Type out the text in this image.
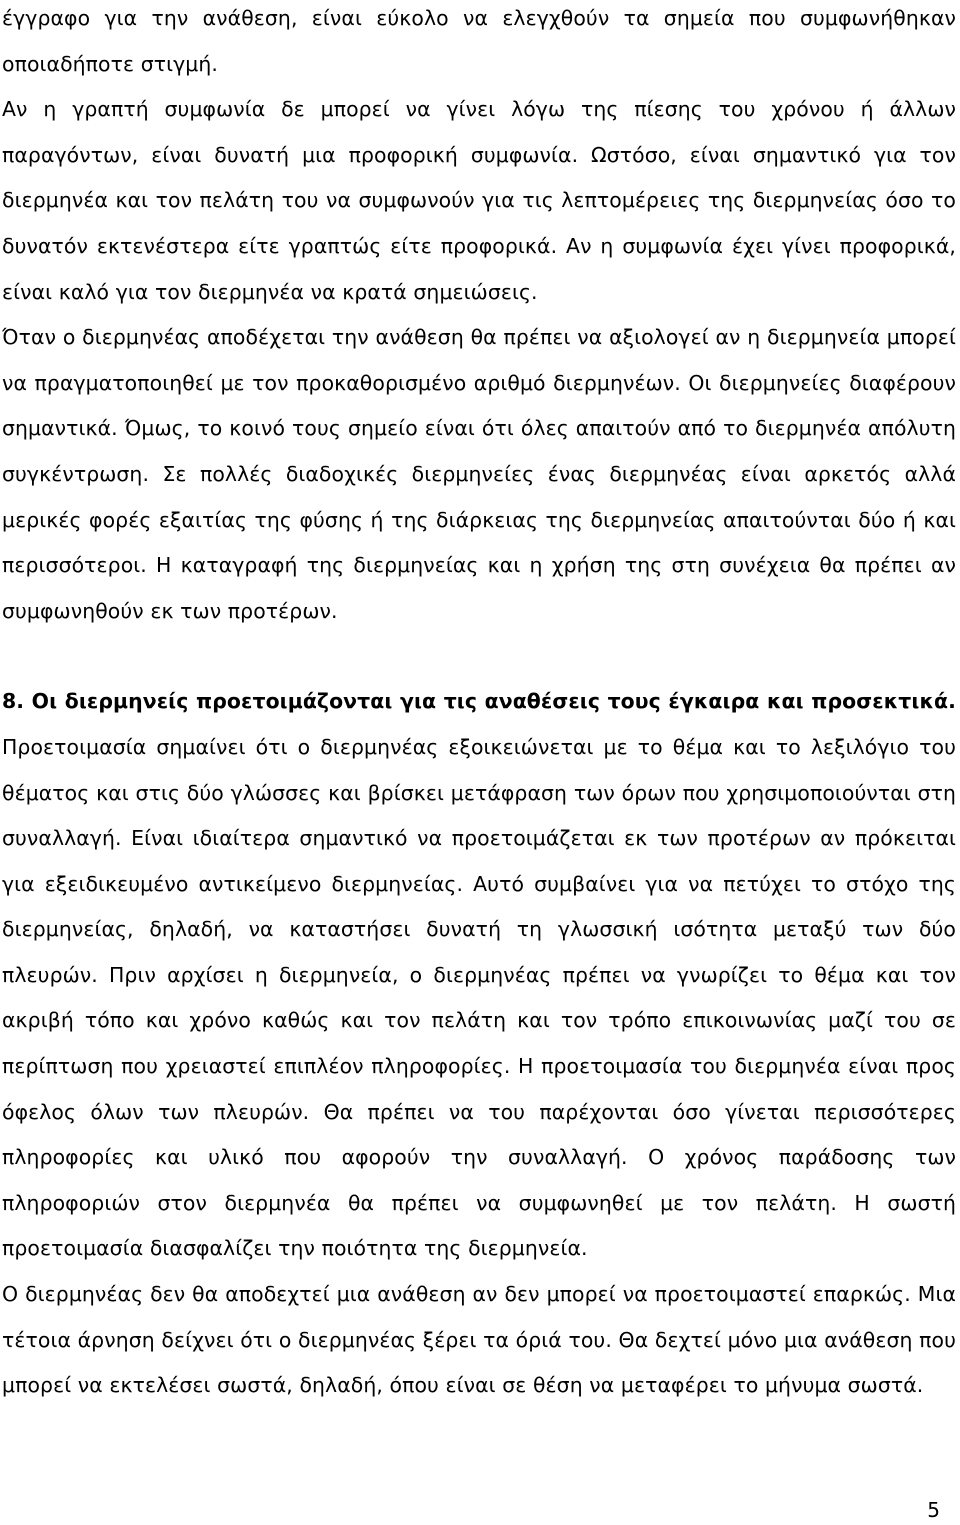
έγγραφο για την ανάθεση, είναι εύκολο να ελεγχθούν τα σημεία που συμφωνήθηκαν οποιαδήποτε στιγμή.

Αν η γραπτή συμφωνία δε μπορεί να γίνει λόγω της πίεσης του χρόνου ή άλλων παραγόντων, είναι δυνατή μια προφορική συμφωνία. Ωστόσο, είναι σημαντικό για τον διερμηνέα και τον πελάτη του να συμφωνούν για τις λεπτομέρειες της διερμηνείας όσο το δυνατόν εκτενέστερα είτε γραπτώς είτε προφορικά. Αν η συμφωνία έχει γίνει προφορικά, είναι καλό για τον διερμηνέα να κρατά σημειώσεις.

Όταν ο διερμηνέας αποδέχεται την ανάθεση θα πρέπει να αξιολογεί αν η διερμηνεία μπορεί να πραγματοποιηθεί με τον προκαθορισμένο αριθμό διερμηνέων. Οι διερμηνείες διαφέρουν σημαντικά. Όμως, το κοινό τους σημείο είναι ότι όλες απαιτούν από το διερμηνέα απόλυτη συγκέντρωση. Σε πολλές διαδοχικές διερμηνείες ένας διερμηνέας είναι αρκετός αλλά μερικές φορές εξαιτίας της φύσης ή της διάρκειας της διερμηνείας απαιτούνται δύο ή και περισσότεροι. Η καταγραφή της διερμηνείας και η χρήση της στη συνέχεια θα πρέπει αν συμφωνηθούν εκ των προτέρων.

8. Οι διερμηνείς προετοιμάζονται για τις αναθέσεις τους έγκαιρα και προσεκτικά. Προετοιμασία σημαίνει ότι ο διερμηνέας εξοικειώνεται με το θέμα και το λεξιλόγιο του θέματος και στις δύο γλώσσες και βρίσκει μετάφραση των όρων που χρησιμοποιούνται στη συναλλαγή. Είναι ιδιαίτερα σημαντικό να προετοιμάζεται εκ των προτέρων αν πρόκειται για εξειδικευμένο αντικείμενο διερμηνείας. Αυτό συμβαίνει για να πετύχει το στόχο της διερμηνείας, δηλαδή, να καταστήσει δυνατή τη γλωσσική ισότητα μεταξύ των δύο πλευρών. Πριν αρχίσει η διερμηνεία, ο διερμηνέας πρέπει να γνωρίζει το θέμα και τον ακριβή τόπο και χρόνο καθώς και τον πελάτη και τον τρόπο επικοινωνίας μαζί του σε περίπτωση που χρειαστεί επιπλέον πληροφορίες. Η προετοιμασία του διερμηνέα είναι προς όφελος όλων των πλευρών. Θα πρέπει να του παρέχονται όσο γίνεται περισσότερες πληροφορίες και υλικό που αφορούν την συναλλαγή. Ο χρόνος παράδοσης των πληροφοριών στον διερμηνέα θα πρέπει να συμφωνηθεί με τον πελάτη. Η σωστή προετοιμασία διασφαλίζει την ποιότητα της διερμηνεία.

Ο διερμηνέας δεν θα αποδεχτεί μια ανάθεση αν δεν μπορεί να προετοιμαστεί επαρκώς. Μια τέτοια άρνηση δείχνει ότι ο διερμηνέας ξέρει τα όριά του. Θα δεχτεί μόνο μια ανάθεση που μπορεί να εκτελέσει σωστά, δηλαδή, όπου είναι σε θέση να μεταφέρει το μήνυμα σωστά.

5
